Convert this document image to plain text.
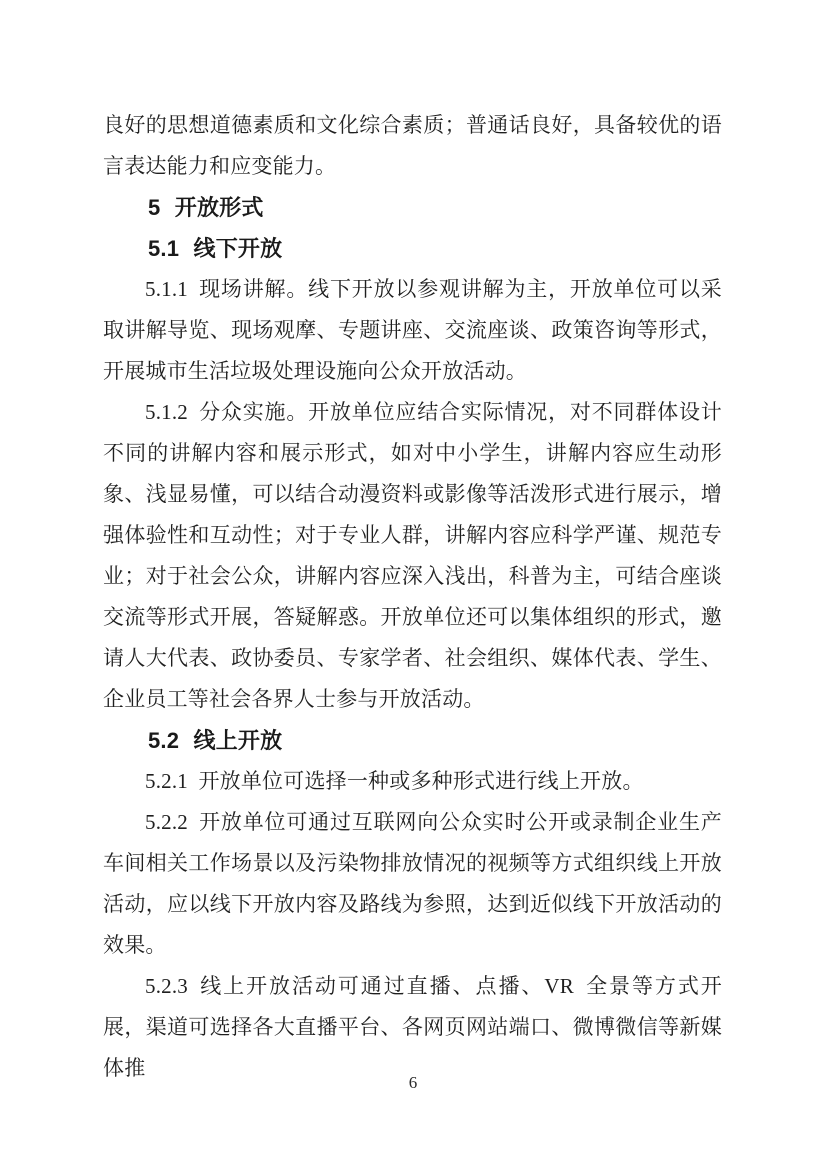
良好的思想道德素质和文化综合素质；普通话良好，具备较优的语言表达能力和应变能力。

5 开放形式
5.1 线下开放

5.1.1 现场讲解。线下开放以参观讲解为主，开放单位可以采取讲解导览、现场观摩、专题讲座、交流座谈、政策咨询等形式，开展城市生活垃圾处理设施向公众开放活动。

5.1.2 分众实施。开放单位应结合实际情况，对不同群体设计不同的讲解内容和展示形式，如对中小学生，讲解内容应生动形象、浅显易懂，可以结合动漫资料或影像等活泼形式进行展示，增强体验性和互动性；对于专业人群，讲解内容应科学严谨、规范专业；对于社会公众，讲解内容应深入浅出，科普为主，可结合座谈交流等形式开展，答疑解惑。开放单位还可以集体组织的形式，邀请人大代表、政协委员、专家学者、社会组织、媒体代表、学生、企业员工等社会各界人士参与开放活动。

5.2 线上开放

5.2.1 开放单位可选择一种或多种形式进行线上开放。

5.2.2 开放单位可通过互联网向公众实时公开或录制企业生产车间相关工作场景以及污染物排放情况的视频等方式组织线上开放活动，应以线下开放内容及路线为参照，达到近似线下开放活动的效果。

5.2.3 线上开放活动可通过直播、点播、VR 全景等方式开展，渠道可选择各大直播平台、各网页网站端口、微博微信等新媒体推

6
